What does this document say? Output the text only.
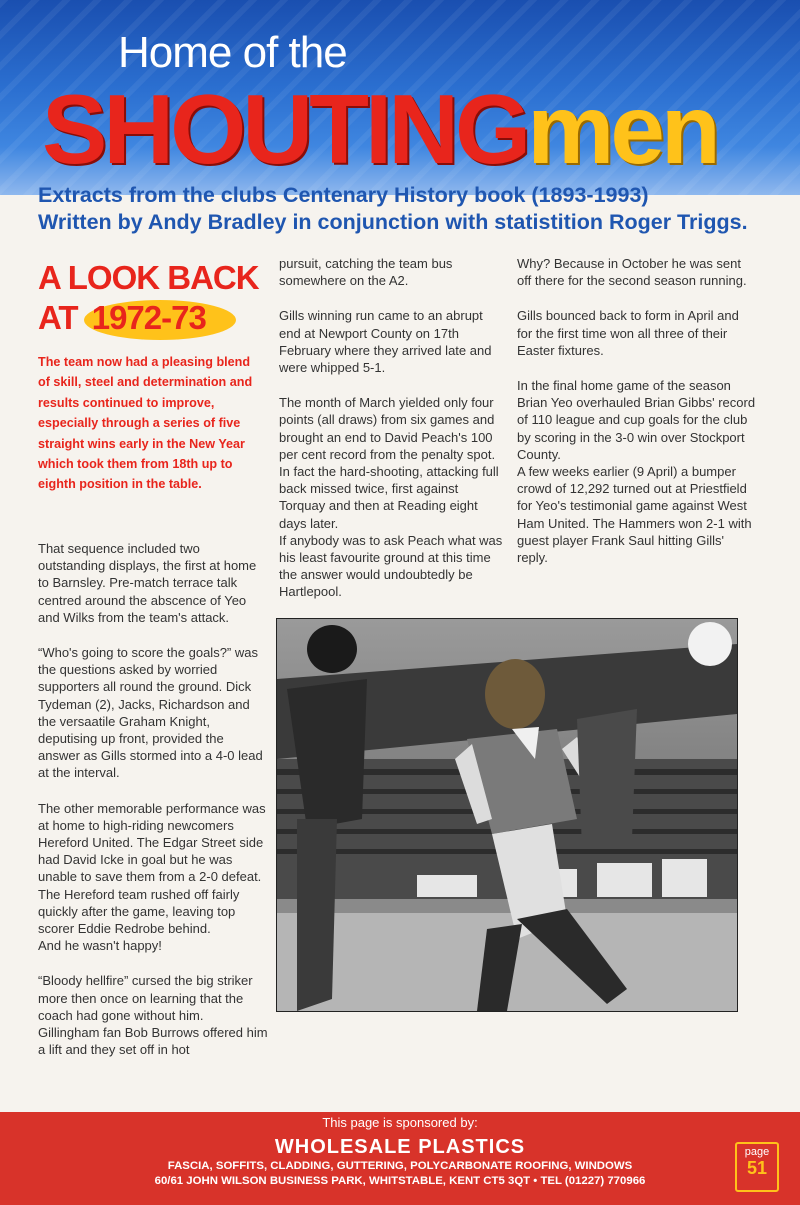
Home of the
SHOUTINGmen
Extracts from the clubs Centenary History book (1893-1993)
Written by Andy Bradley in conjunction with statistition Roger Triggs.
A LOOK BACK
AT 1972-73
The team now had a pleasing blend of skill, steel and determination and results continued to improve, especially through a series of five straight wins early in the New Year which took them from 18th up to eighth position in the table.

That sequence included two outstanding displays, the first at home to Barnsley. Pre-match terrace talk centred around the abscence of Yeo and Wilks from the team's attack.

“Who's going to score the goals?” was the questions asked by worried supporters all round the ground. Dick Tydeman (2), Jacks, Richardson and the versaatile Graham Knight, deputising up front, provided the answer as Gills stormed into a 4-0 lead at the interval.

The other memorable performance was at home to high-riding newcomers Hereford United. The Edgar Street side had David Icke in goal but he was unable to save them from a 2-0 defeat.

The Hereford team rushed off fairly quickly after the game, leaving top scorer Eddie Redrobe behind.

And he wasn't happy!

“Bloody hellfire” cursed the big striker more then once on learning that the coach had gone without him. Gillingham fan Bob Burrows offered him a lift and they set off in hot

pursuit, catching the team bus somewhere on the A2.

Gills winning run came to an abrupt end at Newport County on 17th February where they arrived late and were whipped 5-1.

The month of March yielded only four points (all draws) from six games and brought an end to David Peach's 100 per cent record from the penalty spot. In fact the hard-shooting, attacking full back missed twice, first against Torquay and then at Reading eight days later.

If anybody was to ask Peach what was his least favourite ground at this time the answer would undoubtedly be Hartlepool.

Why? Because in October he was sent off there for the second season running.

Gills bounced back to form in April and for the first time won all three of their Easter fixtures.

In the final home game of the season Brian Yeo overhauled Brian Gibbs' record of 110 league and cup goals for the club by scoring in the 3-0 win over Stockport County.

A few weeks earlier (9 April) a bumper crowd of 12,292 turned out at Priestfield for Yeo's testimonial game against West Ham United. The Hammers won 2-1 with guest player Frank Saul hitting Gills' reply.

This page is sponsored by:
WHOLESALE PLASTICS
FASCIA, SOFFITS, CLADDING, GUTTERING, POLYCARBONATE ROOFING, WINDOWS
60/61 JOHN WILSON BUSINESS PARK, WHITSTABLE, KENT CT5 3QT • TEL (01227) 770966
page
51
